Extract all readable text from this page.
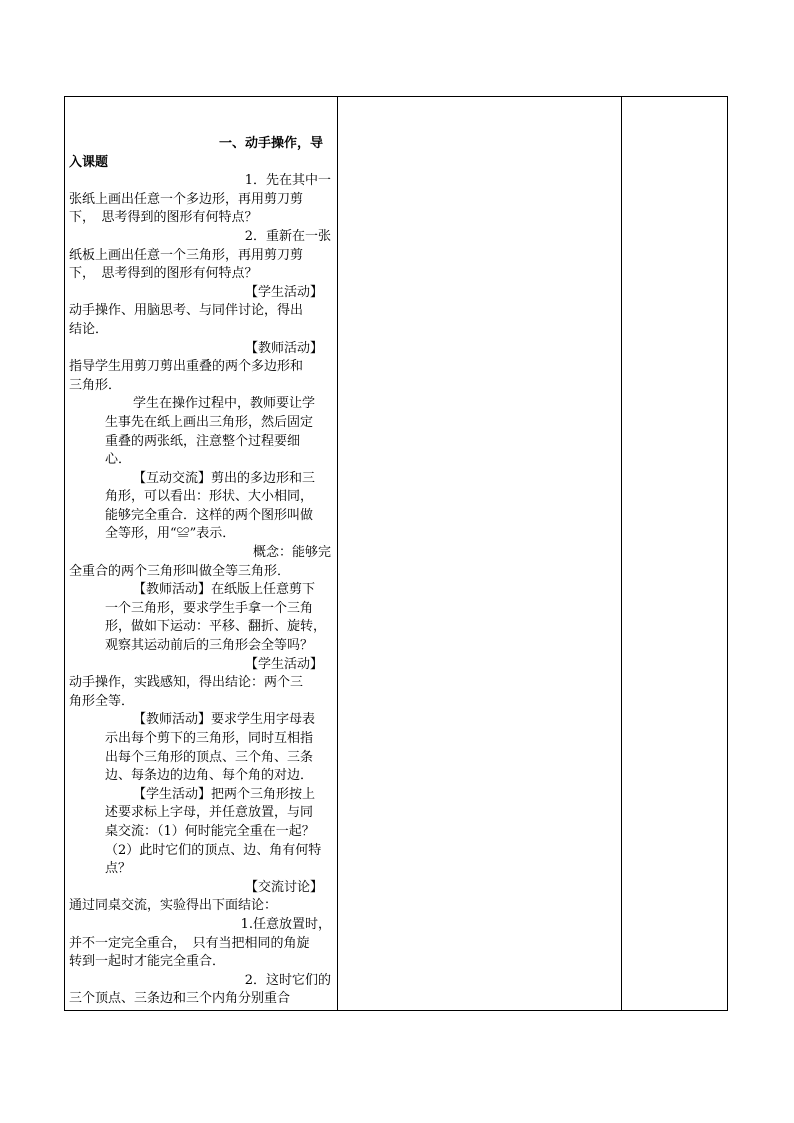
一、动手操作，导
入课题
1．先在其中一
张纸上画出任意一个多边形，再用剪刀剪
下，　思考得到的图形有何特点？
2．重新在一张
纸板上画出任意一个三角形，再用剪刀剪
下，　思考得到的图形有何特点？
【学生活动】
动手操作、用脑思考、与同伴讨论，得出
结论．
【教师活动】
指导学生用剪刀剪出重叠的两个多边形和
三角形．
学生在操作过程中，教师要让学
生事先在纸上画出三角形，然后固定
重叠的两张纸，注意整个过程要细
心．
【互动交流】剪出的多边形和三
角形，可以看出：形状、大小相同，
能够完全重合．这样的两个图形叫做
全等形，用“≌”表示．
概念：能够完
全重合的两个三角形叫做全等三角形．
【教师活动】在纸版上任意剪下
一个三角形，要求学生手拿一个三角
形，做如下运动：平移、翻折、旋转，
观察其运动前后的三角形会全等吗？
【学生活动】
动手操作，实践感知，得出结论：两个三
角形全等．
【教师活动】要求学生用字母表
示出每个剪下的三角形，同时互相指
出每个三角形的顶点、三个角、三条
边、每条边的边角、每个角的对边．
【学生活动】把两个三角形按上
述要求标上字母，并任意放置，与同
桌交流：（1）何时能完全重在一起？
（2）此时它们的顶点、边、角有何特
点？
【交流讨论】
通过同桌交流，实验得出下面结论：
1.任意放置时，
并不一定完全重合，　只有当把相同的角旋
转到一起时才能完全重合．
2．这时它们的
三个顶点、三条边和三个内角分别重合
